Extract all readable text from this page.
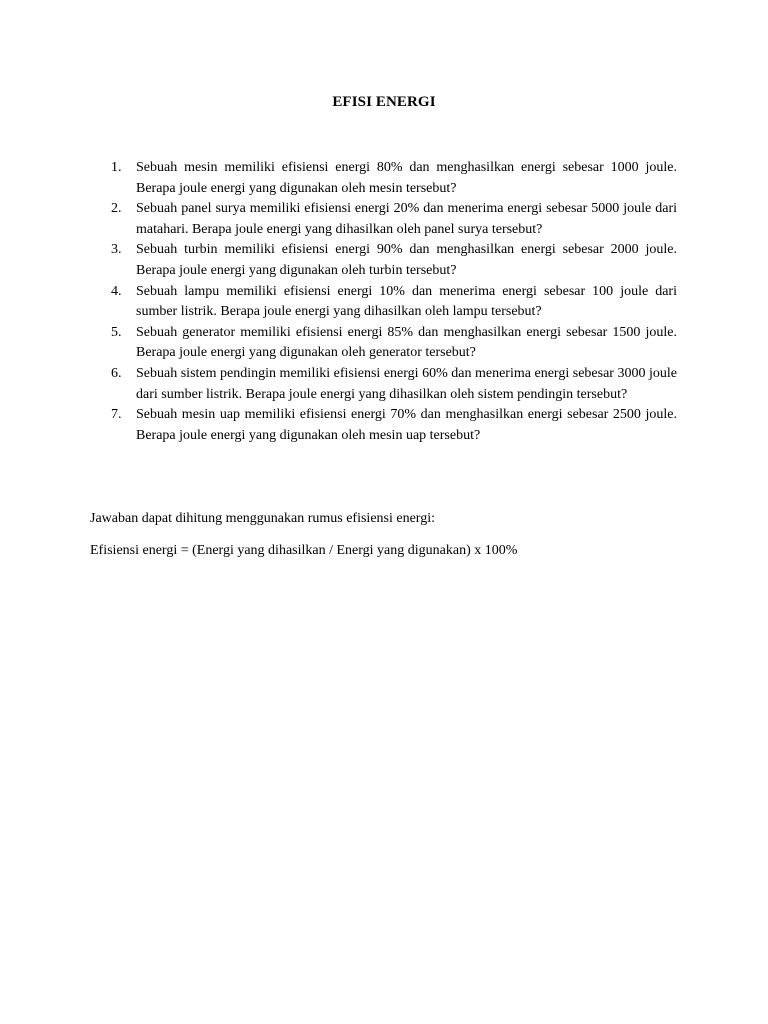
EFISI ENERGI
1. Sebuah mesin memiliki efisiensi energi 80% dan menghasilkan energi sebesar 1000 joule. Berapa joule energi yang digunakan oleh mesin tersebut?
2. Sebuah panel surya memiliki efisiensi energi 20% dan menerima energi sebesar 5000 joule dari matahari. Berapa joule energi yang dihasilkan oleh panel surya tersebut?
3. Sebuah turbin memiliki efisiensi energi 90% dan menghasilkan energi sebesar 2000 joule. Berapa joule energi yang digunakan oleh turbin tersebut?
4. Sebuah lampu memiliki efisiensi energi 10% dan menerima energi sebesar 100 joule dari sumber listrik. Berapa joule energi yang dihasilkan oleh lampu tersebut?
5. Sebuah generator memiliki efisiensi energi 85% dan menghasilkan energi sebesar 1500 joule. Berapa joule energi yang digunakan oleh generator tersebut?
6. Sebuah sistem pendingin memiliki efisiensi energi 60% dan menerima energi sebesar 3000 joule dari sumber listrik. Berapa joule energi yang dihasilkan oleh sistem pendingin tersebut?
7. Sebuah mesin uap memiliki efisiensi energi 70% dan menghasilkan energi sebesar 2500 joule. Berapa joule energi yang digunakan oleh mesin uap tersebut?

Jawaban dapat dihitung menggunakan rumus efisiensi energi:

Efisiensi energi = (Energi yang dihasilkan / Energi yang digunakan) x 100%
